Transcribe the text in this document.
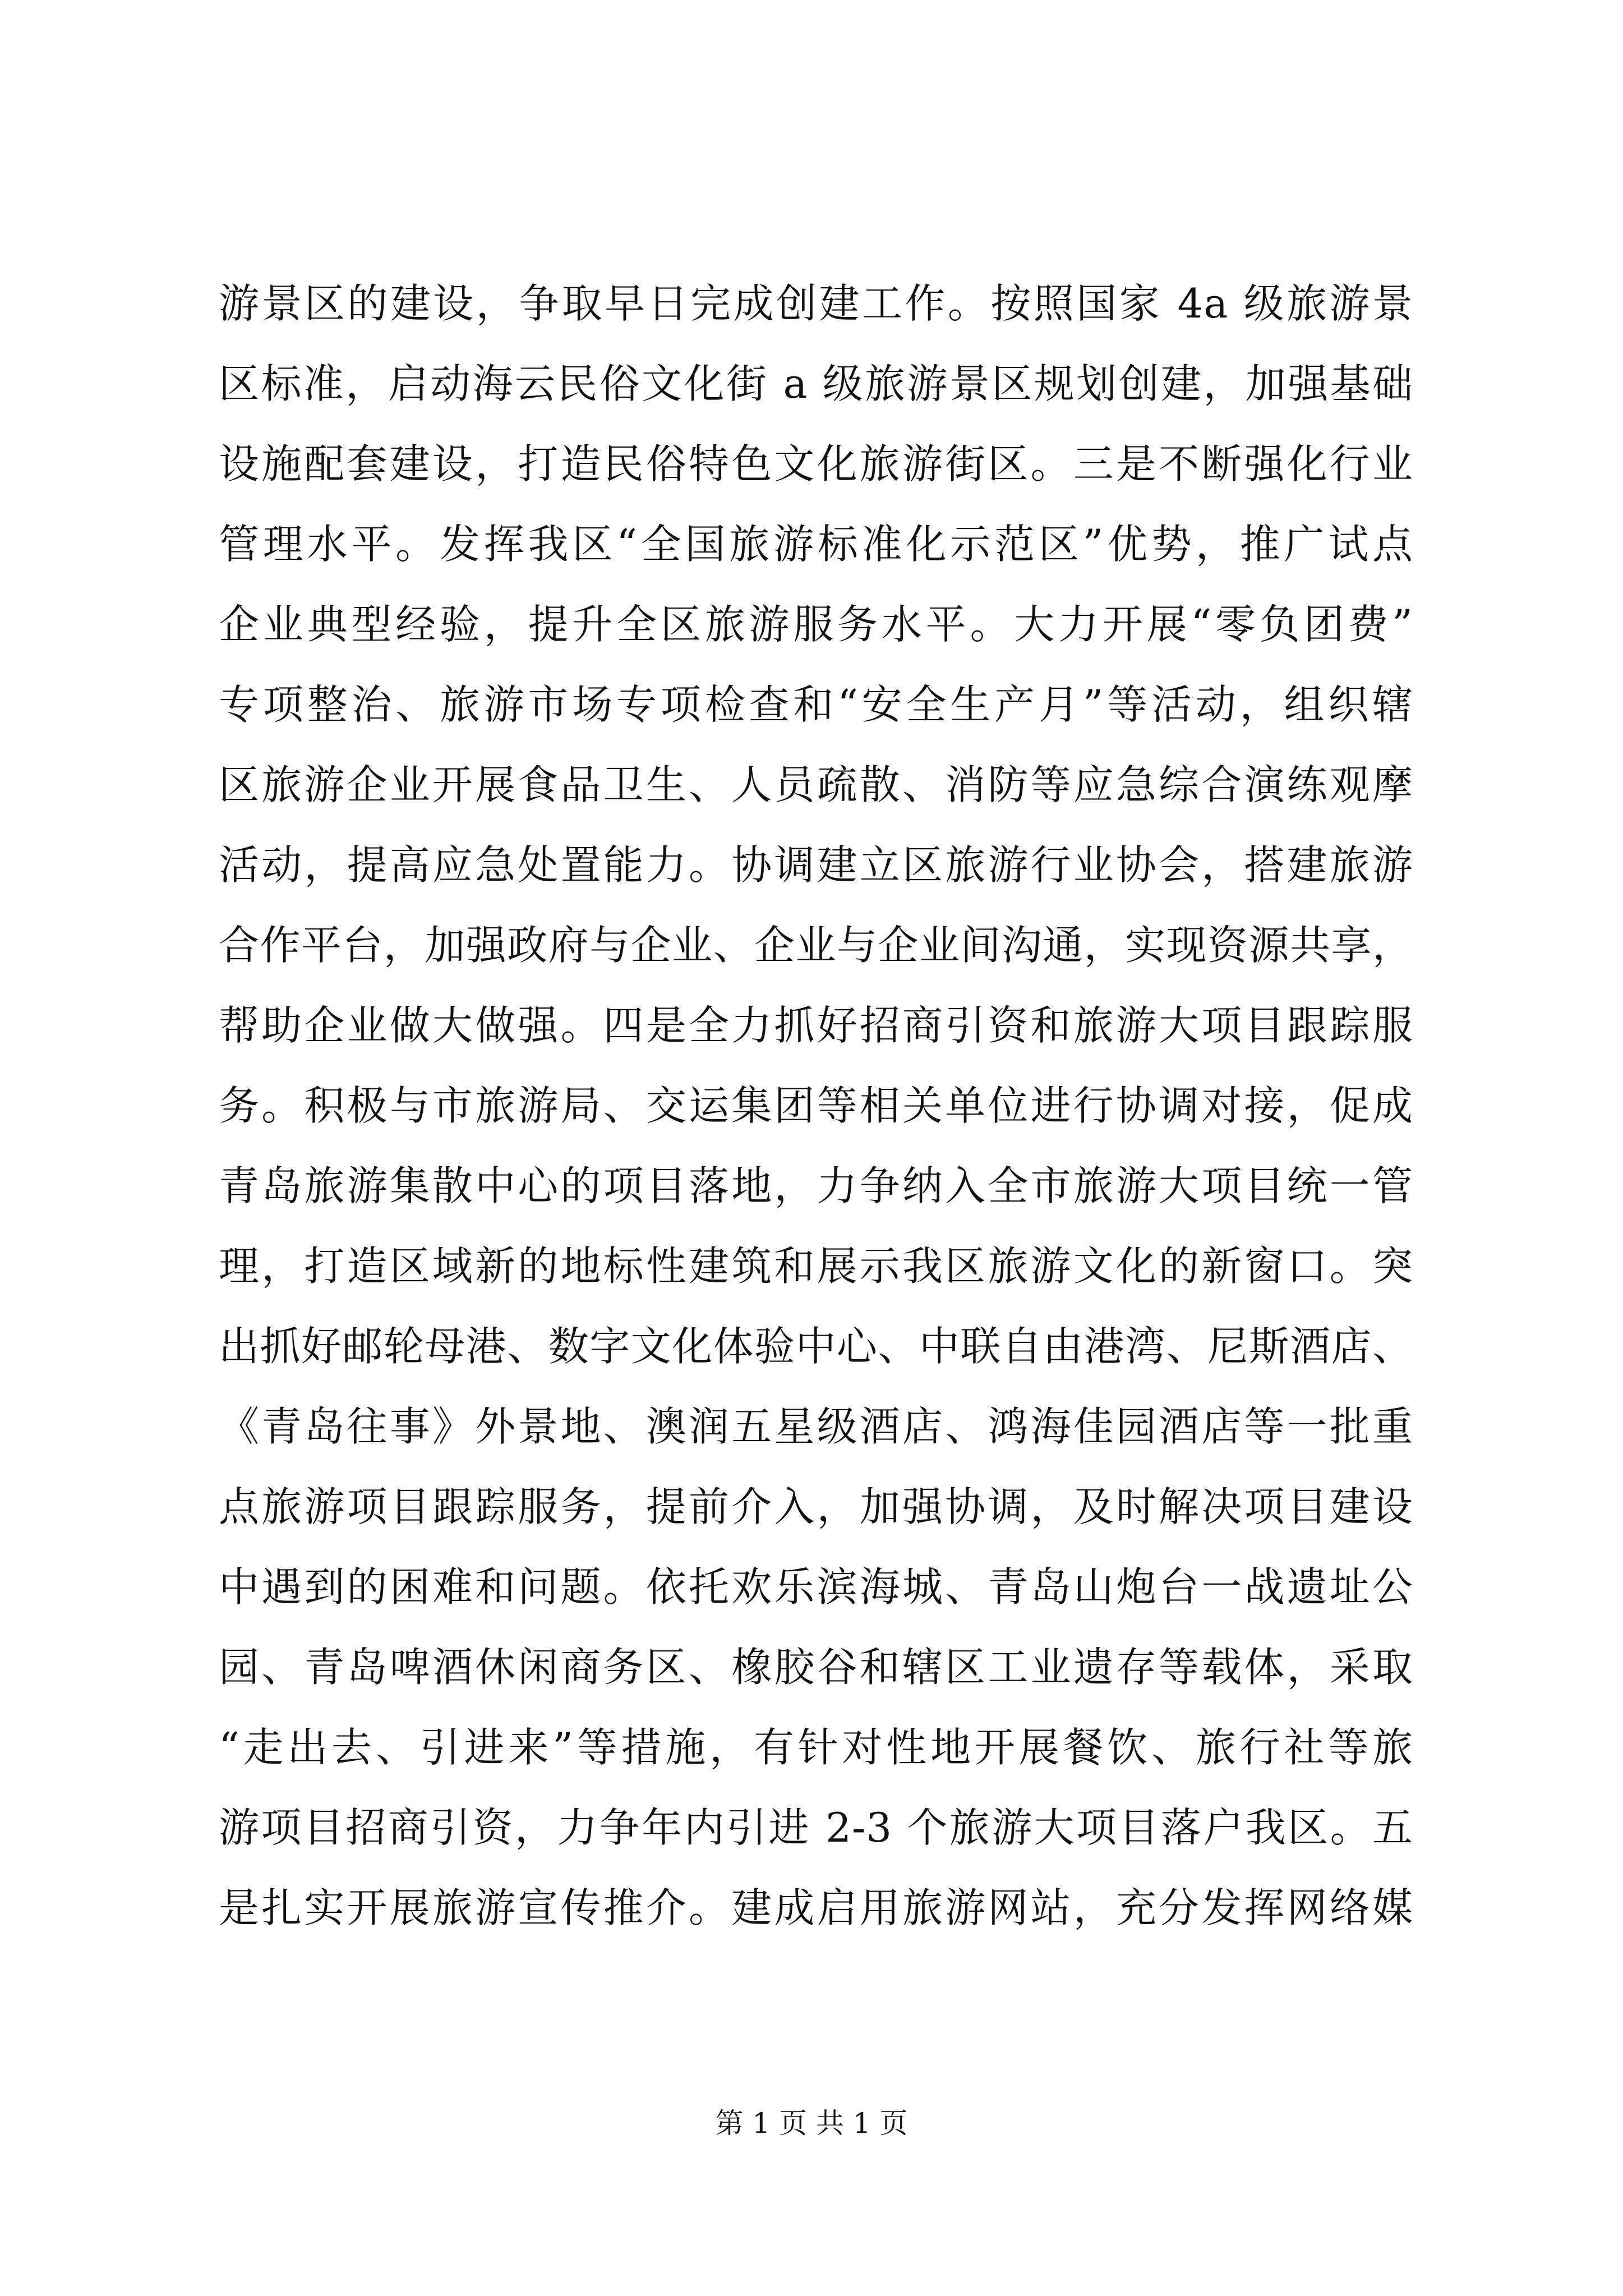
游景区的建设，争取早日完成创建工作。按照国家 4a 级旅游景
区标准，启动海云民俗文化街 a 级旅游景区规划创建，加强基础
设施配套建设，打造民俗特色文化旅游街区。三是不断强化行业
管理水平。发挥我区“全国旅游标准化示范区”优势，推广试点
企业典型经验，提升全区旅游服务水平。大力开展“零负团费”
专项整治、旅游市场专项检查和“安全生产月”等活动，组织辖
区旅游企业开展食品卫生、人员疏散、消防等应急综合演练观摩
活动，提高应急处置能力。协调建立区旅游行业协会，搭建旅游
合作平台，加强政府与企业、企业与企业间沟通，实现资源共享，
帮助企业做大做强。四是全力抓好招商引资和旅游大项目跟踪服
务。积极与市旅游局、交运集团等相关单位进行协调对接，促成
青岛旅游集散中心的项目落地，力争纳入全市旅游大项目统一管
理，打造区域新的地标性建筑和展示我区旅游文化的新窗口。突
出抓好邮轮母港、数字文化体验中心、中联自由港湾、尼斯酒店、
《青岛往事》外景地、澳润五星级酒店、鸿海佳园酒店等一批重
点旅游项目跟踪服务，提前介入，加强协调，及时解决项目建设
中遇到的困难和问题。依托欢乐滨海城、青岛山炮台一战遗址公
园、青岛啤酒休闲商务区、橡胶谷和辖区工业遗存等载体，采取
“走出去、引进来”等措施，有针对性地开展餐饮、旅行社等旅
游项目招商引资，力争年内引进 2-3 个旅游大项目落户我区。五
是扎实开展旅游宣传推介。建成启用旅游网站，充分发挥网络媒
第 1 页 共 1 页
